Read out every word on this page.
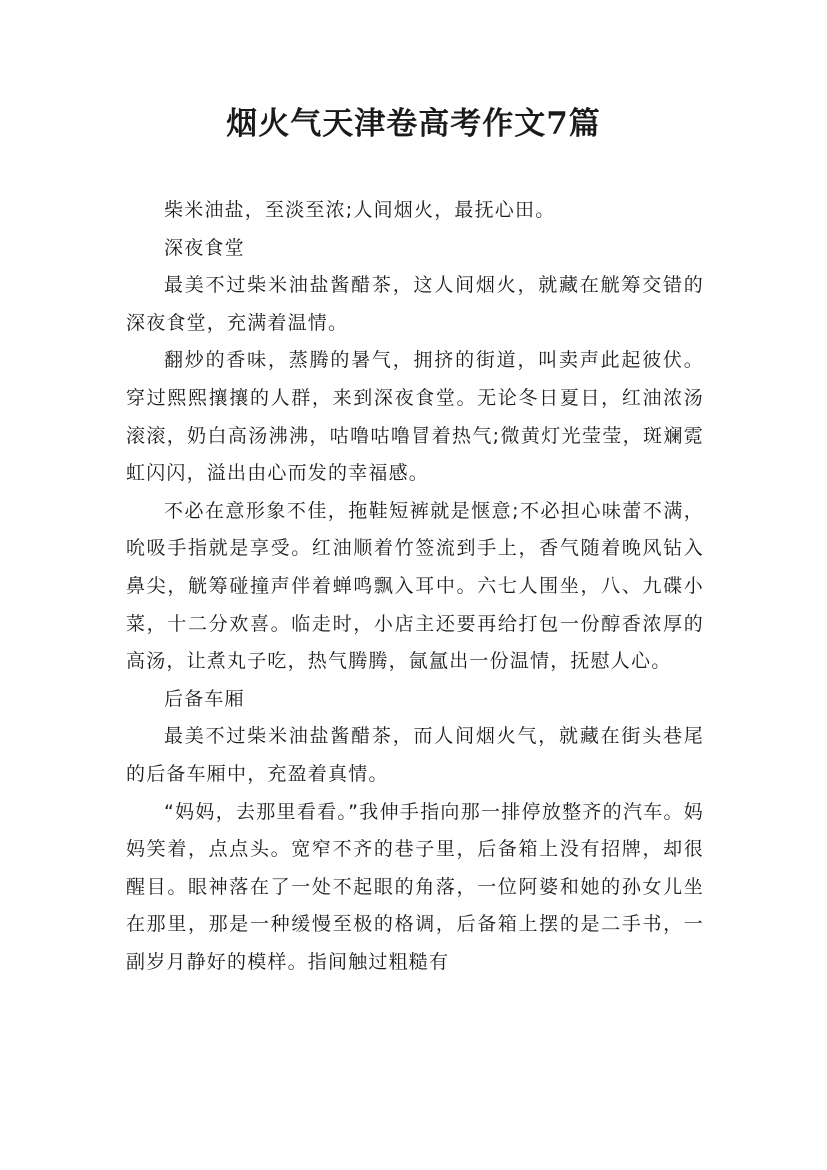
烟火气天津卷高考作文7篇

柴米油盐，至淡至浓;人间烟火，最抚心田。

深夜食堂

最美不过柴米油盐酱醋茶，这人间烟火，就藏在觥筹交错的深夜食堂，充满着温情。

翻炒的香味，蒸腾的暑气，拥挤的街道，叫卖声此起彼伏。穿过熙熙攘攘的人群，来到深夜食堂。无论冬日夏日，红油浓汤滚滚，奶白高汤沸沸，咕噜咕噜冒着热气;微黄灯光莹莹，斑斓霓虹闪闪，溢出由心而发的幸福感。

不必在意形象不佳，拖鞋短裤就是惬意;不必担心味蕾不满，吮吸手指就是享受。红油顺着竹签流到手上，香气随着晚风钻入鼻尖，觥筹碰撞声伴着蝉鸣飘入耳中。六七人围坐，八、九碟小菜，十二分欢喜。临走时，小店主还要再给打包一份醇香浓厚的高汤，让煮丸子吃，热气腾腾，氤氲出一份温情，抚慰人心。

后备车厢

最美不过柴米油盐酱醋茶，而人间烟火气，就藏在街头巷尾的后备车厢中，充盈着真情。

“妈妈，去那里看看。”我伸手指向那一排停放整齐的汽车。妈妈笑着，点点头。宽窄不齐的巷子里，后备箱上没有招牌，却很醒目。眼神落在了一处不起眼的角落，一位阿婆和她的孙女儿坐在那里，那是一种缓慢至极的格调，后备箱上摆的是二手书，一副岁月静好的模样。指间触过粗糙有
